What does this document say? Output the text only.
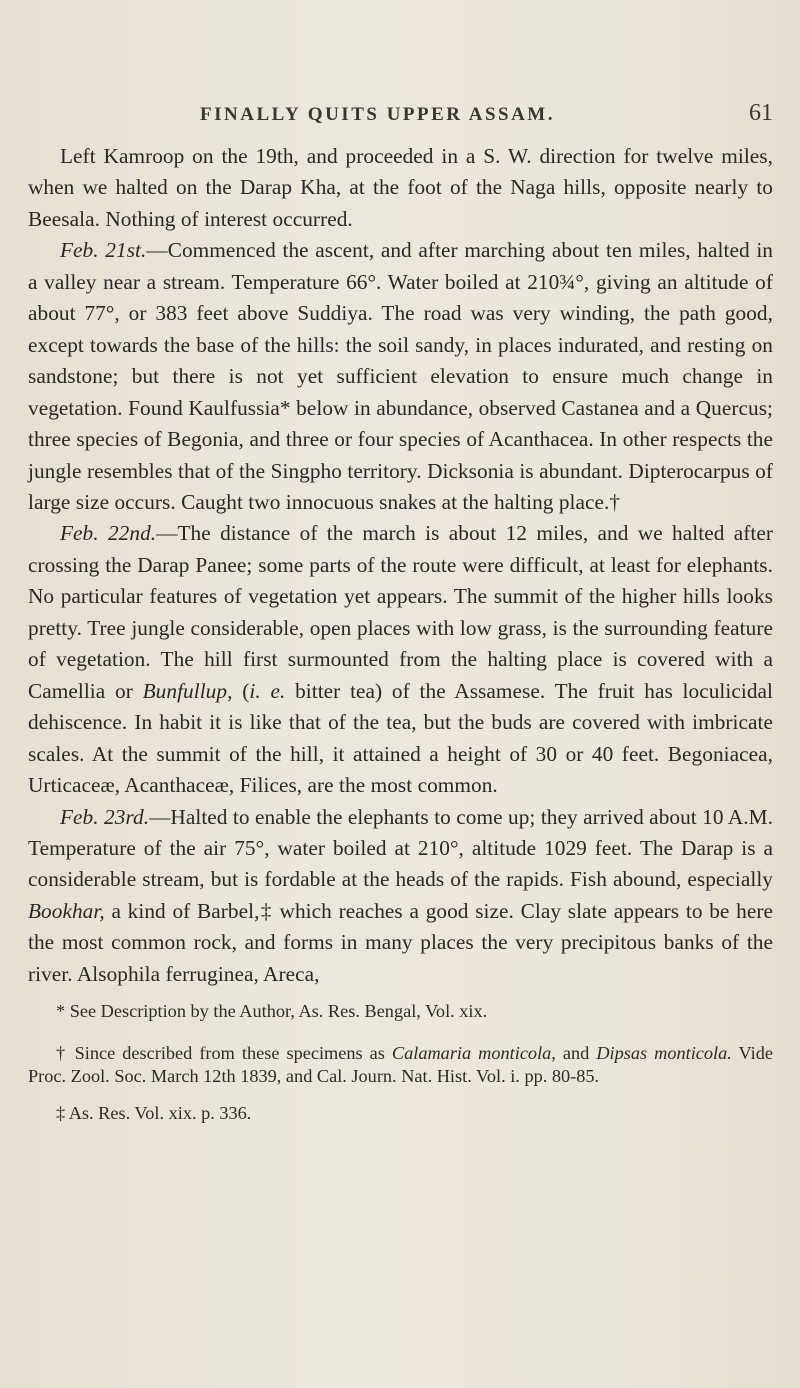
FINALLY QUITS UPPER ASSAM.	61

Left Kamroop on the 19th, and proceeded in a S. W. direction for twelve miles, when we halted on the Darap Kha, at the foot of the Naga hills, opposite nearly to Beesala. Nothing of interest occurred.

Feb. 21st.—Commenced the ascent, and after marching about ten miles, halted in a valley near a stream. Temperature 66°. Water boiled at 210¾°, giving an altitude of about 77°, or 383 feet above Suddiya. The road was very winding, the path good, except towards the base of the hills: the soil sandy, in places indurated, and resting on sandstone; but there is not yet sufficient elevation to ensure much change in vegetation. Found Kaulfussia* below in abundance, observed Castanea and a Quercus; three species of Begonia, and three or four species of Acanthacea. In other respects the jungle resembles that of the Singpho territory. Dicksonia is abundant. Dipterocarpus of large size occurs. Caught two innocuous snakes at the halting place.†

Feb. 22nd.—The distance of the march is about 12 miles, and we halted after crossing the Darap Panee; some parts of the route were difficult, at least for elephants. No particular features of vegetation yet appears. The summit of the higher hills looks pretty. Tree jungle considerable, open places with low grass, is the surrounding feature of vegetation. The hill first surmounted from the halting place is covered with a Camellia or Bunfullup, (i. e. bitter tea) of the Assamese. The fruit has loculicidal dehiscence. In habit it is like that of the tea, but the buds are covered with imbricate scales. At the summit of the hill, it attained a height of 30 or 40 feet. Begoniacea, Urticaceæ, Acanthaceæ, Filices, are the most common.

Feb. 23rd.—Halted to enable the elephants to come up; they arrived about 10 A.M. Temperature of the air 75°, water boiled at 210°, altitude 1029 feet. The Darap is a considerable stream, but is fordable at the heads of the rapids. Fish abound, especially Bookhar, a kind of Barbel,‡ which reaches a good size. Clay slate appears to be here the most common rock, and forms in many places the very precipitous banks of the river. Alsophila ferruginea, Areca,

* See Description by the Author, As. Res. Bengal, Vol. xix.

† Since described from these specimens as Calamaria monticola, and Dipsas monticola. Vide Proc. Zool. Soc. March 12th 1839, and Cal. Journ. Nat. Hist. Vol. i. pp. 80-85.

‡ As. Res. Vol. xix. p. 336.
